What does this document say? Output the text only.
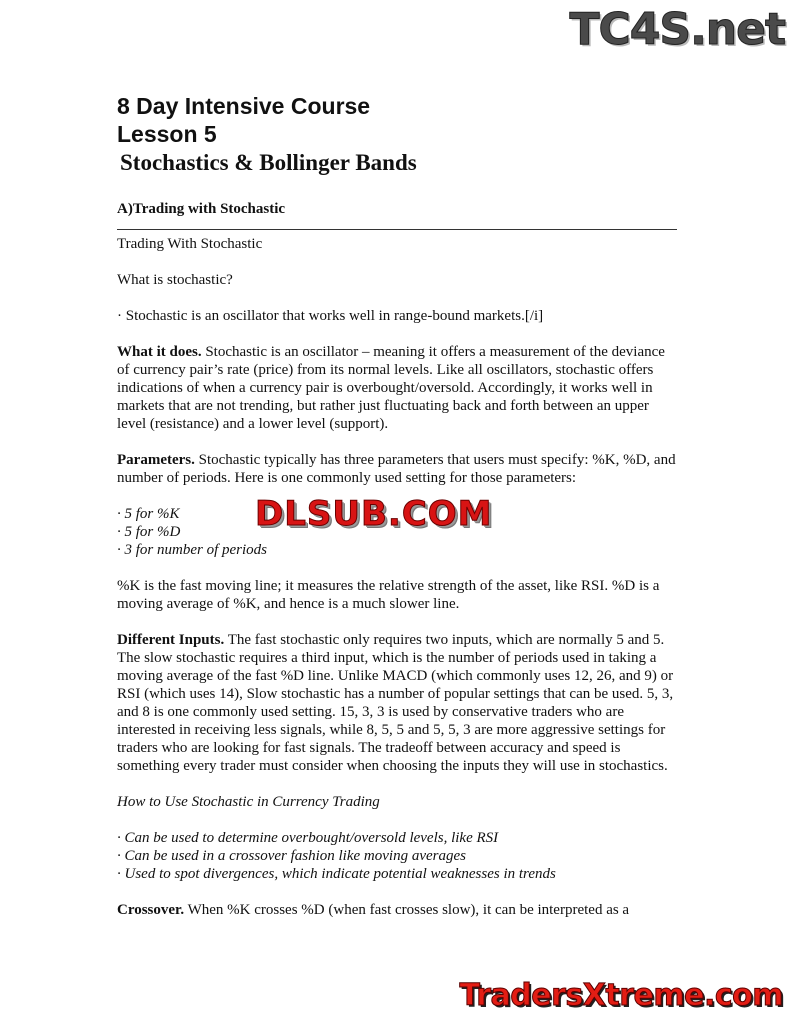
TC4S.net
DLSUB.COM
TradersXtreme.com
8 Day Intensive Course
Lesson 5
Stochastics & Bollinger Bands
A)Trading with Stochastic

Trading With Stochastic

What is stochastic?

· Stochastic is an oscillator that works well in range-bound markets.[/i]

What it does. Stochastic is an oscillator – meaning it offers a measurement of the deviance of currency pair’s rate (price) from its normal levels. Like all oscillators, stochastic offers indications of when a currency pair is overbought/oversold. Accordingly, it works well in markets that are not trending, but rather just fluctuating back and forth between an upper level (resistance) and a lower level (support).

Parameters. Stochastic typically has three parameters that users must specify: %K, %D, and number of periods. Here is one commonly used setting for those parameters:

· 5 for %K

· 5 for %D

· 3 for number of periods

%K is the fast moving line; it measures the relative strength of the asset, like RSI. %D is a moving average of %K, and hence is a much slower line.

Different Inputs. The fast stochastic only requires two inputs, which are normally 5 and 5. The slow stochastic requires a third input, which is the number of periods used in taking a moving average of the fast %D line. Unlike MACD (which commonly uses 12, 26, and 9) or RSI (which uses 14), Slow stochastic has a number of popular settings that can be used. 5, 3, and 8 is one commonly used setting. 15, 3, 3 is used by conservative traders who are interested in receiving less signals, while 8, 5, 5 and 5, 5, 3 are more aggressive settings for traders who are looking for fast signals. The tradeoff between accuracy and speed is something every trader must consider when choosing the inputs they will use in stochastics.

How to Use Stochastic in Currency Trading

· Can be used to determine overbought/oversold levels, like RSI

· Can be used in a crossover fashion like moving averages

· Used to spot divergences, which indicate potential weaknesses in trends

Crossover. When %K crosses %D (when fast crosses slow), it can be interpreted as a
